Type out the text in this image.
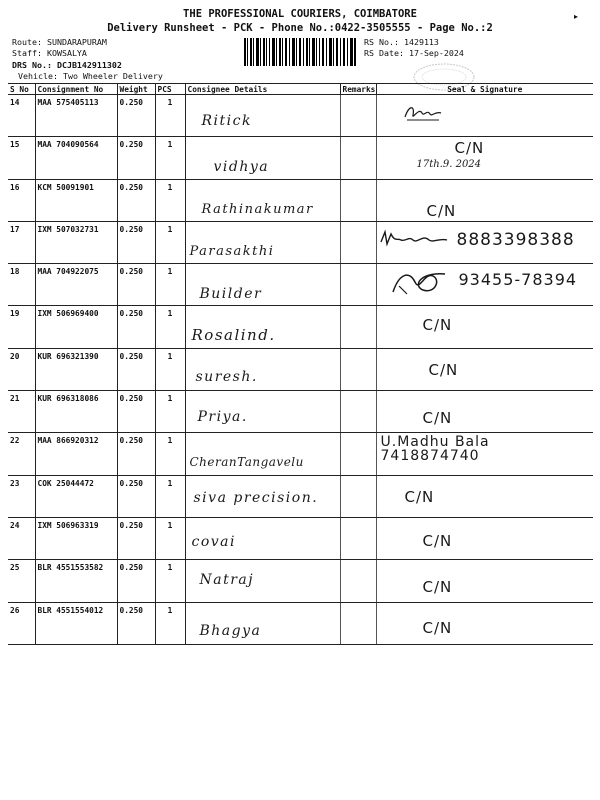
THE PROFESSIONAL COURIERS, COIMBATORE
Delivery Runsheet - PCK - Phone No.:0422-3505555 - Page No.:2
▸
Route: SUNDARAPURAM
Staff: KOWSALYA
DRS No.: DCJB142911302
Vehicle: Two Wheeler Delivery
RS No.: 1429113
RS Date: 17-Sep-2024
S No	Consignment No	Weight	PCS	Consignee Details	Remarks	Seal & Signature
14	MAA 575405113	0.250	1	Ritick

15	MAA 704090564	0.250	1	vidhya		C/N
17th.9. 2024

16	KCM 50091901	0.250	1	Rathinakumar		C/N

17	IXM 507032731	0.250	1	Parasakthi		8883398388

18	MAA 704922075	0.250	1	Builder		93455-78394

19	IXM 506969400	0.250	1	Rosalind.		C/N

20	KUR 696321390	0.250	1	suresh.		C/N

21	KUR 696318086	0.250	1	Priya.		C/N

22	MAA 866920312	0.250	1	CheranTangavelu		U.Madhu Bala 7418874740

23	COK 25044472	0.250	1	siva precision.		C/N

24	IXM 506963319	0.250	1	covai		C/N

25	BLR 4551553582	0.250	1	Natraj		C/N

26	BLR 4551554012	0.250	1	Bhagya		C/N
